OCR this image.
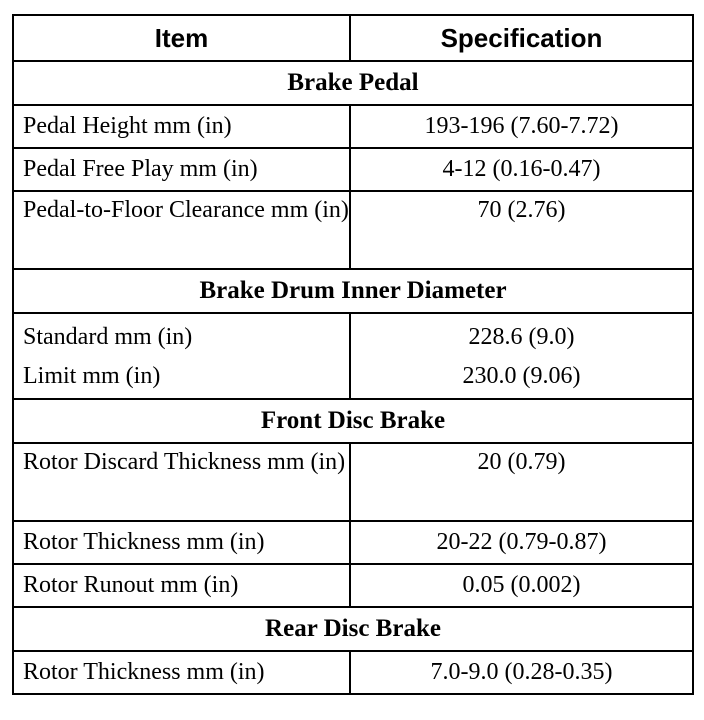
Item	Specification
Brake Pedal	
Pedal Height mm (in)	193-196 (7.60-7.72)
Pedal Free Play mm (in)	4-12 (0.16-0.47)
Pedal-to-Floor Clearance mm (in)	70 (2.76)
Brake Drum Inner Diameter	
Standard mm (in)	228.6 (9.0)
Limit mm (in)	230.0 (9.06)
Front Disc Brake	
Rotor Discard Thickness mm (in)	20 (0.79)
Rotor Thickness mm (in)	20-22 (0.79-0.87)
Rotor Runout mm (in)	0.05 (0.002)
Rear Disc Brake	
Rotor Thickness mm (in)	7.0-9.0 (0.28-0.35)
